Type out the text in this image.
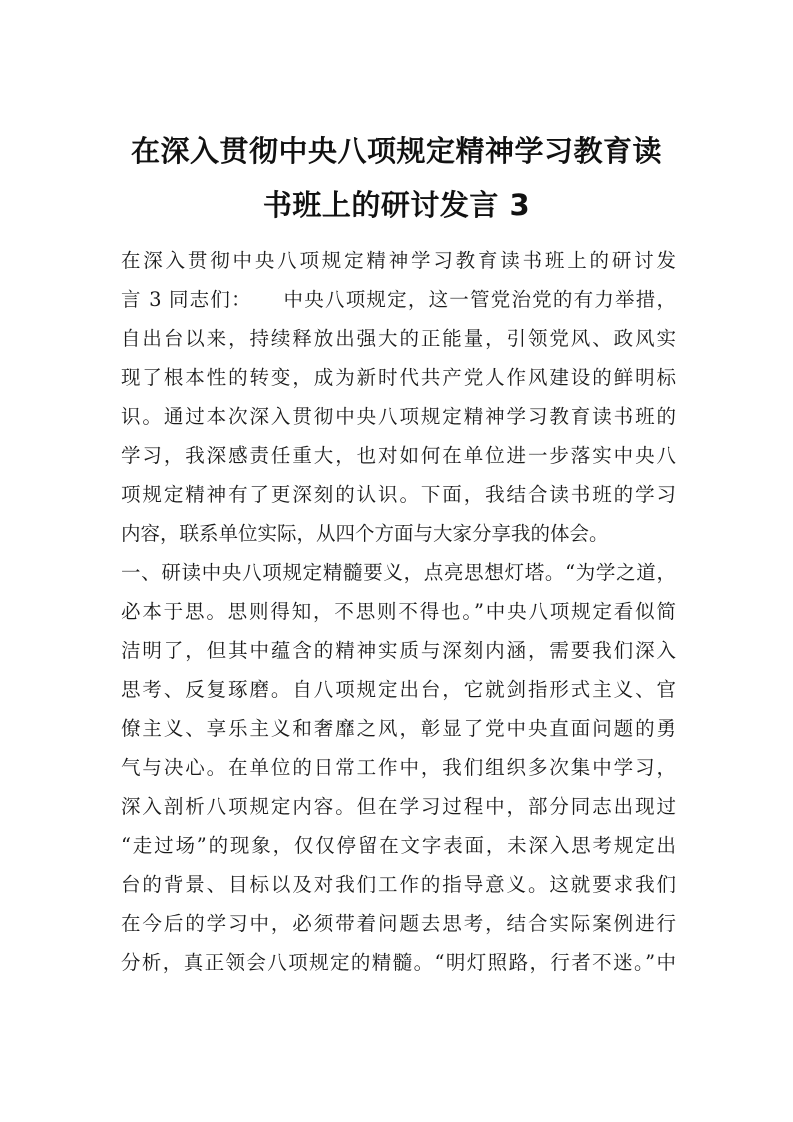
在深入贯彻中央八项规定精神学习教育读
书班上的研讨发言 3
在深入贯彻中央八项规定精神学习教育读书班上的研讨发
言 3 同志们：　　中央八项规定，这一管党治党的有力举措，
自出台以来，持续释放出强大的正能量，引领党风、政风实
现了根本性的转变，成为新时代共产党人作风建设的鲜明标
识。通过本次深入贯彻中央八项规定精神学习教育读书班的
学习，我深感责任重大，也对如何在单位进一步落实中央八
项规定精神有了更深刻的认识。下面，我结合读书班的学习
内容，联系单位实际，从四个方面与大家分享我的体会。
一、研读中央八项规定精髓要义，点亮思想灯塔。“为学之道，
必本于思。思则得知，不思则不得也。”中央八项规定看似简
洁明了，但其中蕴含的精神实质与深刻内涵，需要我们深入
思考、反复琢磨。自八项规定出台，它就剑指形式主义、官
僚主义、享乐主义和奢靡之风，彰显了党中央直面问题的勇
气与决心。在单位的日常工作中，我们组织多次集中学习，
深入剖析八项规定内容。但在学习过程中，部分同志出现过
“走过场”的现象，仅仅停留在文字表面，未深入思考规定出
台的背景、目标以及对我们工作的指导意义。这就要求我们
在今后的学习中，必须带着问题去思考，结合实际案例进行
分析，真正领会八项规定的精髓。“明灯照路，行者不迷。”中
